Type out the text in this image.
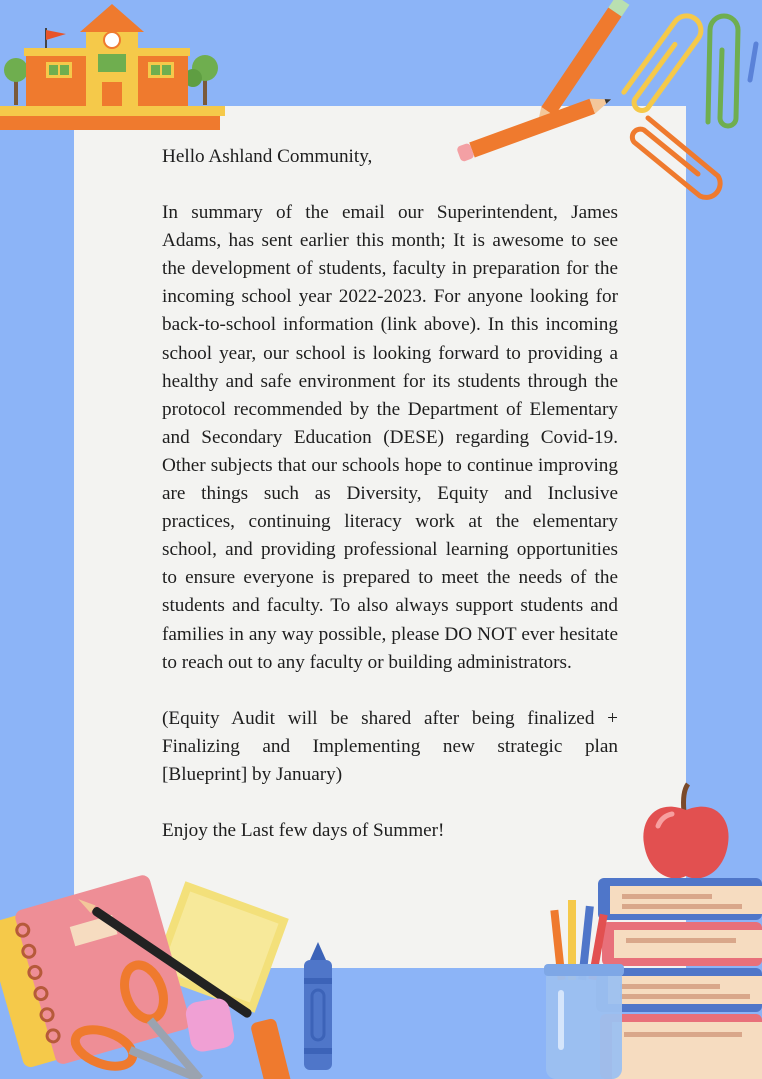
Hello Ashland Community,

In summary of the email our Superintendent, James Adams, has sent earlier this month; It is awesome to see the development of students, faculty in preparation for the incoming school year 2022-2023. For anyone looking for back-to-school information (link above). In this incoming school year, our school is looking forward to providing a healthy and safe environment for its students through the protocol recommended by the Department of Elementary and Secondary Education (DESE) regarding Covid-19. Other subjects that our schools hope to continue improving are things such as Diversity, Equity and Inclusive practices, continuing literacy work at the elementary school, and providing professional learning opportunities to ensure everyone is prepared to meet the needs of the students and faculty. To also always support students and families in any way possible, please DO NOT ever hesitate to reach out to any faculty or building administrators.

(Equity Audit will be shared after being finalized + Finalizing and Implementing new strategic plan [Blueprint] by January)

Enjoy the Last few days of Summer!
